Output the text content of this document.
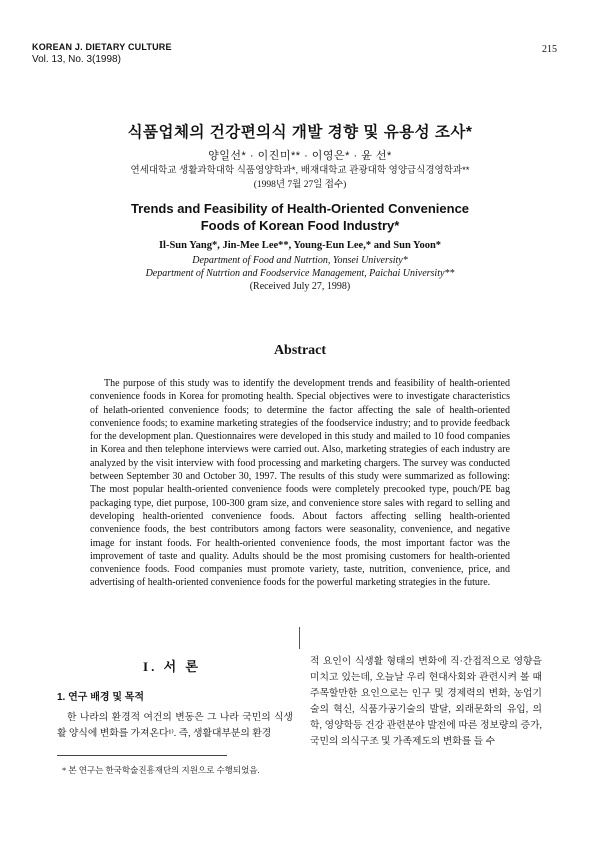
KOREAN J. DIETARY CULTURE
Vol. 13, No. 3(1998)
215
식품업체의 건강편의식 개발 경향 및 유용성 조사*
양일선* · 이진미** · 이영은* · 윤 선*
연세대학교 생활과학대학 식품영양학과*, 배재대학교 관광대학 영양급식경영학과**
(1998년 7월 27일 접수)
Trends and Feasibility of Health-Oriented Convenience
Foods of Korean Food Industry*
Il-Sun Yang*, Jin-Mee Lee**, Young-Eun Lee,* and Sun Yoon*
Department of Food and Nutrtion, Yonsei University*
Department of Nutrtion and Foodservice Management, Paichai University**
(Received July 27, 1998)
Abstract
The purpose of this study was to identify the development trends and feasibility of health-oriented convenience foods in Korea for promoting health. Special objectives were to investigate characteristics of helath-oriented convenience foods; to determine the factor affecting the sale of health-oriented convenience foods; to examine marketing strategies of the foodservice industry; and to provide feedback for the development plan. Questionnaires were developed in this study and mailed to 10 food companies in Korea and then telephone interviews were carried out. Also, marketing strategies of each industry are analyzed by the visit interview with food processing and marketing chargers. The survey was conducted between September 30 and October 30, 1997. The results of this study were summarized as following: The most popular health-oriented convenience foods were completely precooked type, pouch/PE bag packaging type, diet purpose, 100-300 gram size, and convenience store sales with regard to selling and developing health-oriented convenience foods. About factors affecting selling health-oriented convenience foods, the best contributors among factors were seasonality, convenience, and negative image for instant foods. For health-oriented convenience foods, the most important factor was the improvement of taste and quality. Adults should be the most promising customers for health-oriented convenience foods. Food companies must promote variety, taste, nutrition, convenience, price, and advertising of health-oriented convenience foods for the powerful marketing strategies in the future.
I. 서 론
1. 연구 배경 및 목적
한 나라의 환경적 여건의 변동은 그 나라 국민의 식생활 양식에 변화를 가져온다¹⁾. 즉, 생활대부분의 환경
* 본 연구는 한국학술진흥재단의 지원으로 수행되었음.
적 요인이 식생활 형태의 변화에 직·간접적으로 영향을 미치고 있는데, 오늘날 우리 현대사회와 관련시켜 볼 때 주목할만한 요인으로는 인구 및 경제력의 변화, 농업기술의 혁신, 식품가공기술의 발달, 외래문화의 유입, 의학, 영양학등 건강 관련분야 발전에 따른 정보량의 증가, 국민의 의식구조 및 가족제도의 변화를 들 수
